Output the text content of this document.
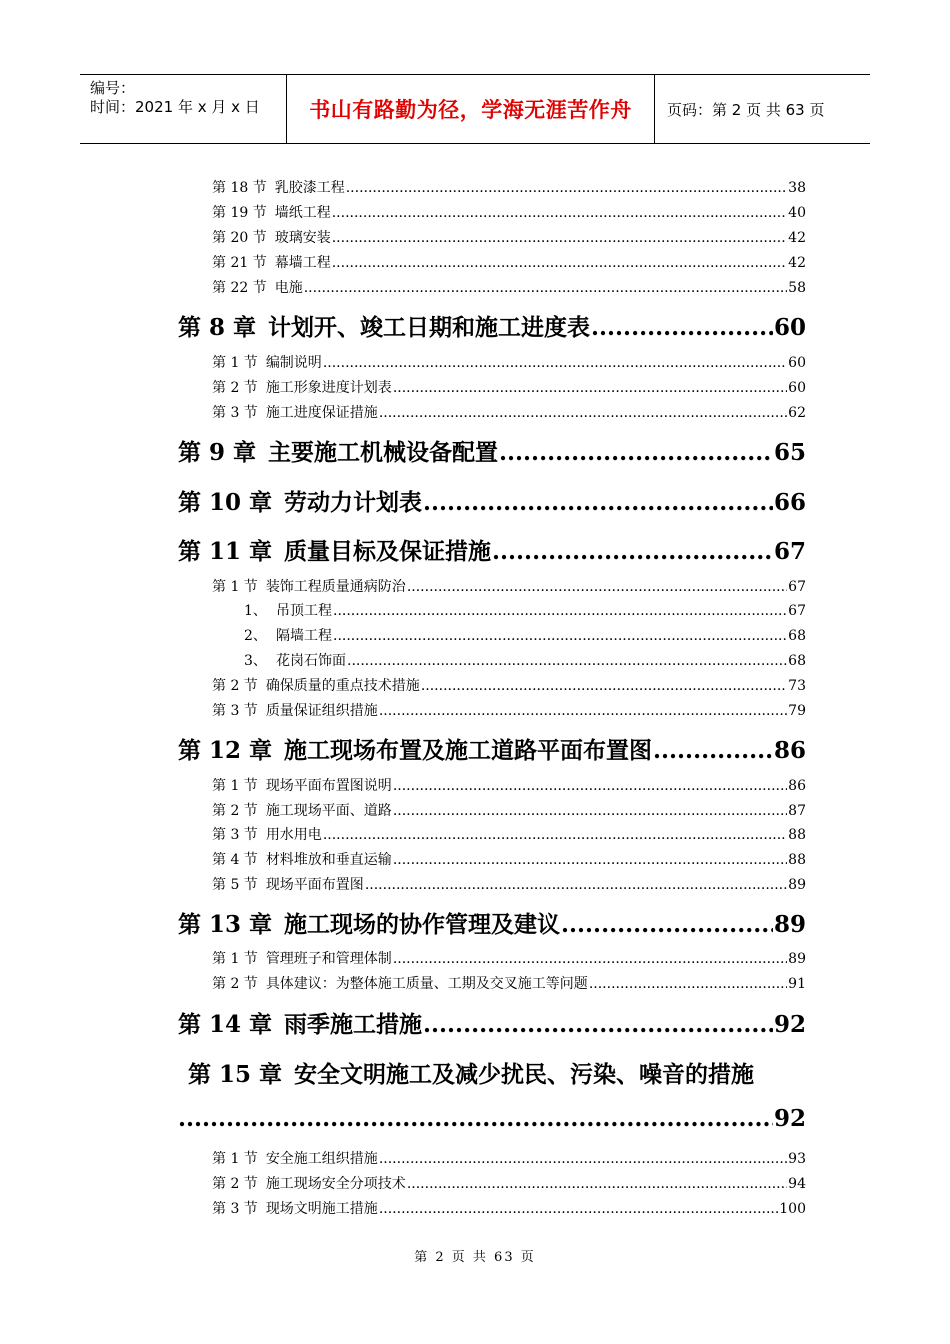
编号：
时间：2021 年 x 月 x 日	书山有路勤为径，学海无涯苦作舟	页码：第 2 页 共 63 页
第 18 节 乳胶漆工程 .....	38
第 19 节 墙纸工程 .....	40
第 20 节 玻璃安装 .....	42
第 21 节 幕墙工程 .....	42
第 22 节 电施 .....	58
第 8 章 计划开、竣工日期和施工进度表 .....	60
第 1 节 编制说明 .....	60
第 2 节 施工形象进度计划表 .....	60
第 3 节 施工进度保证措施 .....	62
第 9 章 主要施工机械设备配置 .....	65
第 10 章 劳动力计划表 .....	66
第 11 章 质量目标及保证措施 .....	67
第 1 节 装饰工程质量通病防治 .....	67
1、 吊顶工程 .....	67
2、 隔墙工程 .....	68
3、 花岗石饰面 .....	68
第 2 节 确保质量的重点技术措施 .....	73
第 3 节 质量保证组织措施 .....	79
第 12 章 施工现场布置及施工道路平面布置图 .....	86
第 1 节 现场平面布置图说明 .....	86
第 2 节 施工现场平面、道路 .....	87
第 3 节 用水用电 .....	88
第 4 节 材料堆放和垂直运输 .....	88
第 5 节 现场平面布置图 .....	89
第 13 章 施工现场的协作管理及建议 .....	89
第 1 节 管理班子和管理体制 .....	89
第 2 节 具体建议：为整体施工质量、工期及交叉施工等问题 .....	91
第 14 章 雨季施工措施 .....	92
第 15 章 安全文明施工及减少扰民、污染、噪音的措施
.....
92
第 1 节 安全施工组织措施 .....	93
第 2 节 施工现场安全分项技术 .....	94
第 3 节 现场文明施工措施 .....	100
第 2 页 共 63 页
